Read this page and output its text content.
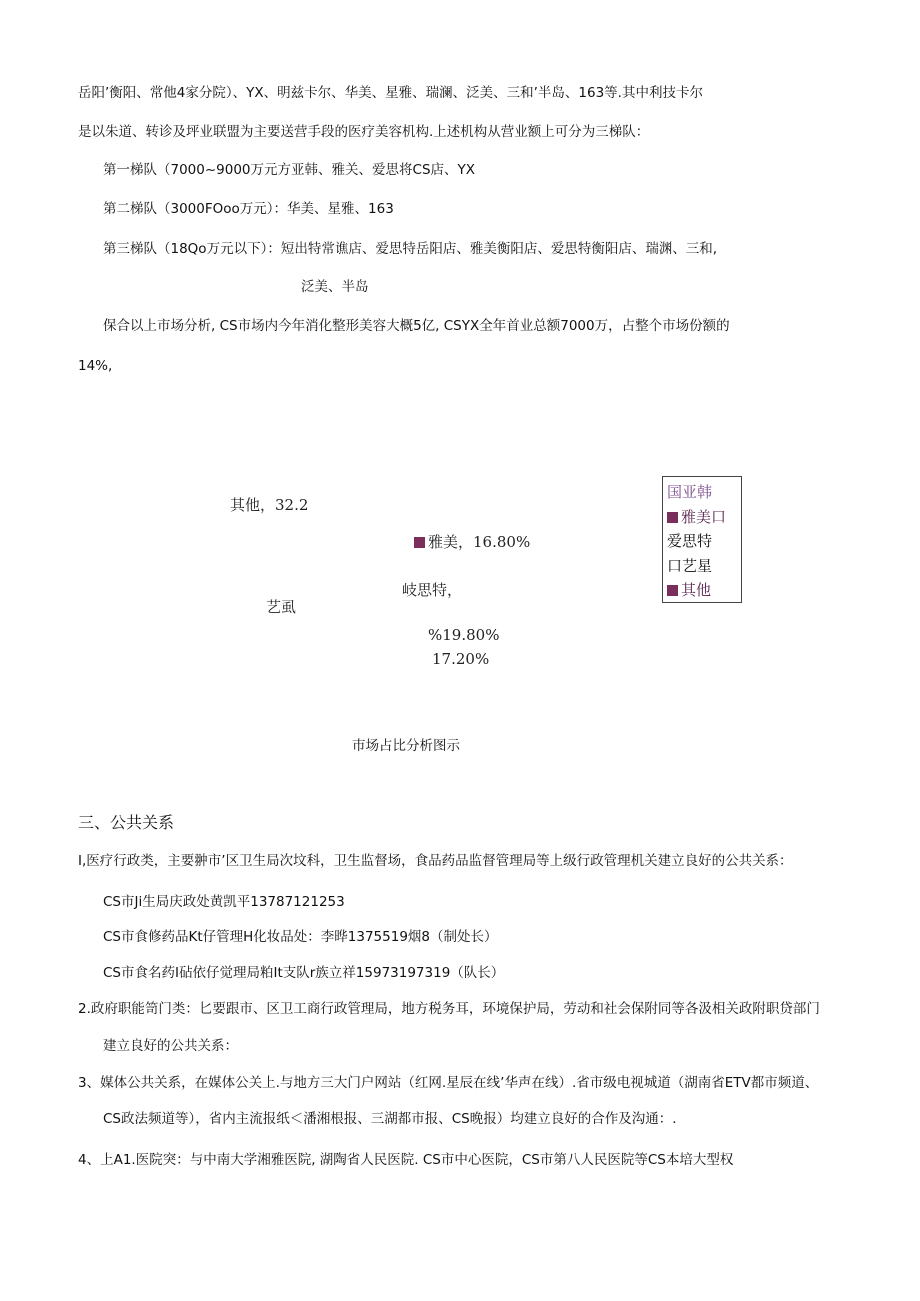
岳阳’衡阳、常他4家分院）、YX、明兹卡尔、华美、星雅、瑞澜、泛美、三和’半岛、163等.其中利技卡尔
是以朱道、转诊及坪业联盟为主要送营手段的医疗美容机构.上述机构从营业额上可分为三梯队：
第一梯队（7000~9000万元方亚韩、雅关、爱思将CS店、YX
第二梯队（3000FOoo万元）：华美、星雅、163
第三梯队（18Qo万元以下）：短出特常谯店、爱思特岳阳店、雅美衡阳店、爱思特衡阳店、瑞渊、三和,
泛美、半岛
保合以上市场分析, CS市场内今年消化整形美容大概5亿, CSYX全年首业总额7000万，占整个市场份额的
14%,
其他，32.2
雅美，16.80%
岐思特，
艺虱
%19.80%
17.20%
国亚韩
雅美口
爱思特
口艺星
其他
巿场占比分析图示
三、公共关系
I,医疗行政类，主要翀市’区卫生局次坟科，卫生监督场，食品药品监督管理局等上级行政管理机关建立良好的公共关系：
CS市Ji生局庆政处黄凯平13787121253
CS市食修药品Kt仔管理H化妆品处：李晔1375519烟8（制处长）
CS市食名药I砧依仔觉理局粕It支队r族立祥15973197319（队长）
2.政府职能笥门类：匕要跟市、区卫工商行政管理局，地方税务耳，环境保护局，劳动和社会保附同等各汲相关政附职贷部门
建立良好的公共关系：
3、媒体公共关系，在媒体公关上.与地方三大门户网站（红网.星辰在线’华声在线）.省市级电视城道（湖南省ETV都市频道、
CS政法频道等），省内主流报纸＜潘湘根报、三湖都市报、CS晚报）均建立良好的合作及沟通：.
4、上A1.医院突：与中南大学湘雅医院, 湖陶省人民医院. CS市中心医院，CS市第八人民医院等CS本培大型权
